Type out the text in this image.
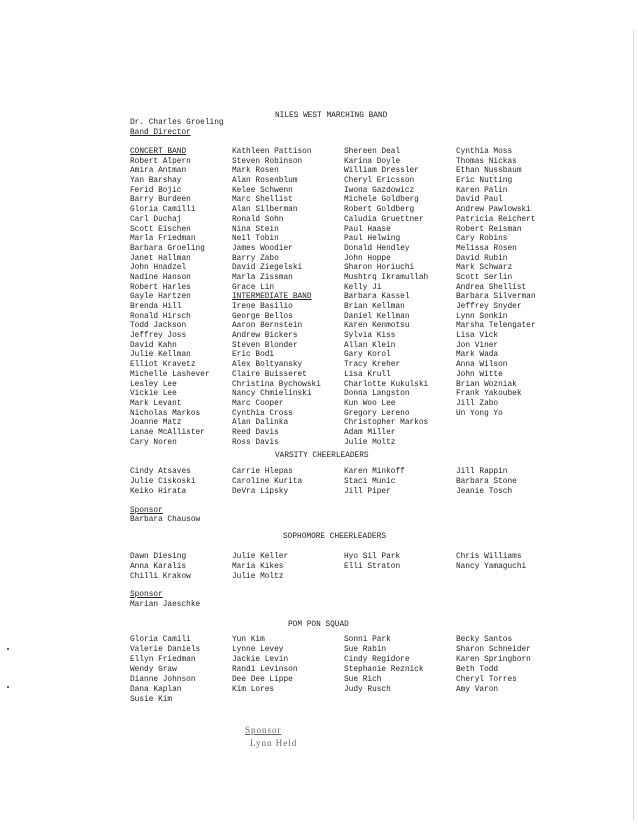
NILES WEST MARCHING BAND
Dr. Charles Groeling
Band Director
CONCERT BAND
Robert Alpern
Amira Antman
Yan Barshay
Ferid Bojic
Barry Burdeen
Gloria Camilli
Carl Duchaj
Scott Eischen
Marla Friedman
Barbara Groeling
Janet Hallman
John Hnadzel
Nadine Hanson
Robert Harles
Gayle Hartzen
Brenda Hill
Ronald Hirsch
Todd Jackson
Jeffrey Joss
David Kahn
Julie Kellman
Elliot Kravetz
Michelle Lashever
Lesley Lee
Vickie Lee
Mark Levant
Nicholas Markos
Joanne Matz
Lanae McAllister
Cary Noren
Kathleen Pattison
Steven Robinson
Mark Rosen
Alan Rosenblum
Kelee Schwenn
Marc Shellist
Alan Silberman
Ronald Sohn
Nina Stein
Neil Tobin
James Woodier
Barry Zabo
David Ziegelski
Marla Zissman
Grace Lin
INTERMEDIATE BAND
Irene Basilio
George Bellos
Aaron Bernstein
Andrew Bickers
Steven Blonder
Eric Bodi
Alex Boltyansky
Claire Buisseret
Christina Bychowski
Nancy Chmielinski
Marc Cooper
Cynthia Cross
Alan Dalinka
Reed Davis
Ross Davis
Shereen Deal
Karina Doyle
William Dressler
Cheryl Ericsson
Iwona Gazdowicz
Michele Goldberg
Robert Goldberg
Caludia Gruettner
Paul Haase
Paul Helwing
Donald Hendley
John Hoppe
Sharon Horiuchi
Mushtrq Ikramullah
Kelly Ji
Barbara Kassel
Brian Kellman
Daniel Kellman
Karen Kenmotsu
Sylvia Kiss
Allan Klein
Gary Korol
Tracy Kreher
Lisa Krull
Charlotte Kukulski
Donna Langston
Kun Woo Lee
Gregory Lereno
Christopher Markos
Adam Miller
Julie Moltz
Cynthia Moss
Thomas Nickas
Ethan Nussbaum
Eric Nutting
Karen Palin
David Paul
Andrew Pawlowski
Patricia Reichert
Robert Reisman
Cary Robins
Melissa Rosen
David Rubin
Mark Schwarz
Scott Serlin
Andrea Shellist
Barbara Silverman
Jeffrey Snyder
Lynn Sonkin
Marsha Telengater
Lisa Vick
Jon Viner
Mark Wada
Anna Wilson
John Witte
Brian Wozniak
Frank Yakoubek
Jill Zabo
Un Yong Yo
VARSITY CHEERLEADERS
Cindy Atsaves
Julie Ciskoski
Keiko Hirata
Carrie Hlepas
Caroline Kurita
DeVra Lipsky
Karen Minkoff
Staci Munic
Jill Piper
Jill Rappin
Barbara Stone
Jeanie Tosch
Sponsor
Barbara Chausow
SOPHOMORE CHEERLEADERS
Dawn Diesing
Anna Karalis
Chilli Krakow
Julie Keller
Maria Kikes
Julie Moltz
Hyo Sil Park
Elli Straton
Chris Williams
Nancy Yamaguchi
Sponsor
Marian Jaeschke
POM PON SQUAD
Gloria Camili
Valerie Daniels
Ellyn Friedman
Wendy Graw
Dianne Johnson
Dana Kaplan
Susie Kim
Yun Kim
Lynne Levey
Jackie Levin
Randi Levinson
Dee Dee Lippe
Kim Lores
Sonni Park
Sue Rabin
Cindy Regidore
Stephanie Reznick
Sue Rich
Judy Rusch
Becky Santos
Sharon Schneider
Karen Springborn
Beth Todd
Cheryl Torres
Amy Varon
Sponsor
Lynn Held
